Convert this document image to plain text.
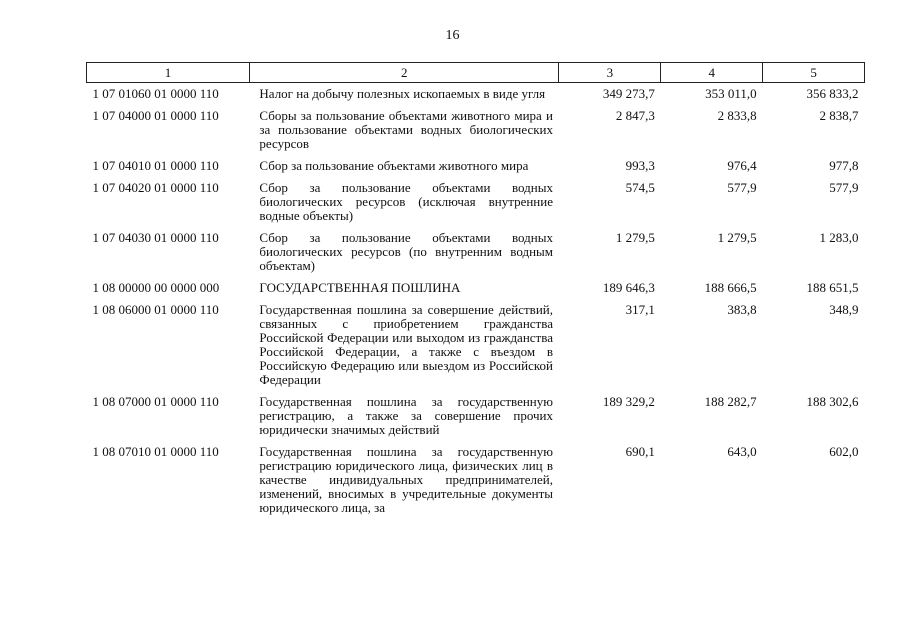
16
1	2	3	4	5
1 07 01060 01 0000 110	Налог на добычу полезных ископаемых в виде угля	349 273,7	353 011,0	356 833,2
1 07 04000 01 0000 110	Сборы за пользование объектами животного мира и за пользование объектами водных биологических ресурсов	2 847,3	2 833,8	2 838,7
1 07 04010 01 0000 110	Сбор за пользование объектами животного мира	993,3	976,4	977,8
1 07 04020 01 0000 110	Сбор за пользование объектами водных биологических ресурсов (исключая внутренние водные объекты)	574,5	577,9	577,9
1 07 04030 01 0000 110	Сбор за пользование объектами водных биологических ресурсов (по внутренним водным объектам)	1 279,5	1 279,5	1 283,0
1 08 00000 00 0000 000	ГОСУДАРСТВЕННАЯ ПОШЛИНА	189 646,3	188 666,5	188 651,5
1 08 06000 01 0000 110	Государственная пошлина за совершение действий, связанных с приобретением гражданства Российской Федерации или выходом из гражданства Российской Федерации, а также с въездом в Российскую Федерацию или выездом из Российской Федерации	317,1	383,8	348,9
1 08 07000 01 0000 110	Государственная пошлина за государственную регистрацию, а также за совершение прочих юридически значимых действий	189 329,2	188 282,7	188 302,6
1 08 07010 01 0000 110	Государственная пошлина за государственную регистрацию юридического лица, физических лиц в качестве индивидуальных предпринимателей, изменений, вносимых в учредительные документы юридического лица, за	690,1	643,0	602,0
